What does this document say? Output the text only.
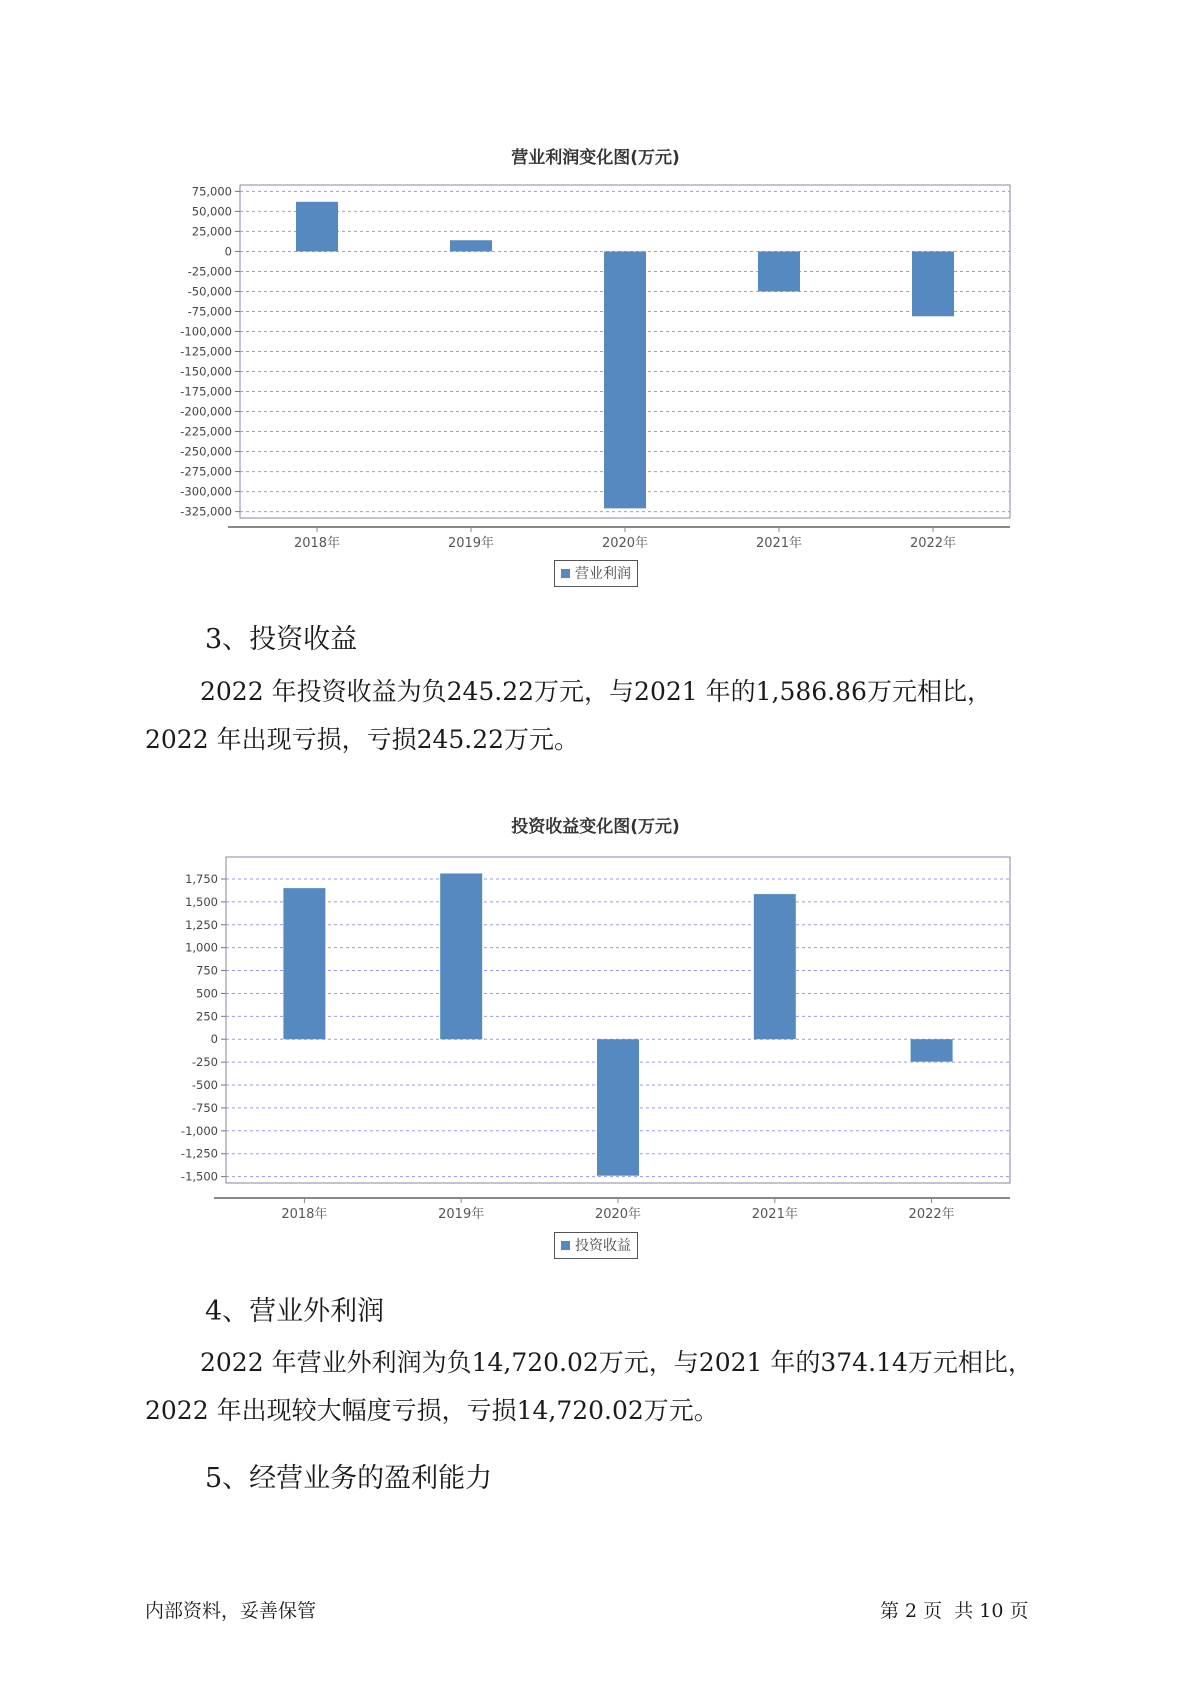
营业利润变化图(万元)
75,000
50,000
25,000
0
-25,000
-50,000
-75,000
-100,000
-125,000
-150,000
-175,000
-200,000
-225,000
-250,000
-275,000
-300,000
-325,000
2018年	2019年	2020年	2021年	2022年
营业利润
3、投资收益
2022 年投资收益为负245.22万元，与2021 年的1,586.86万元相比，2022 年出现亏损，亏损245.22万元。
投资收益变化图(万元)
1,750
1,500
1,250
1,000
750
500
250
0
-250
-500
-750
-1,000
-1,250
-1,500
2018年	2019年	2020年	2021年	2022年
投资收益
4、营业外利润
2022 年营业外利润为负14,720.02万元，与2021 年的374.14万元相比，2022 年出现较大幅度亏损，亏损14,720.02万元。
5、经营业务的盈利能力
内部资料，妥善保管	第 2 页  共 10 页
